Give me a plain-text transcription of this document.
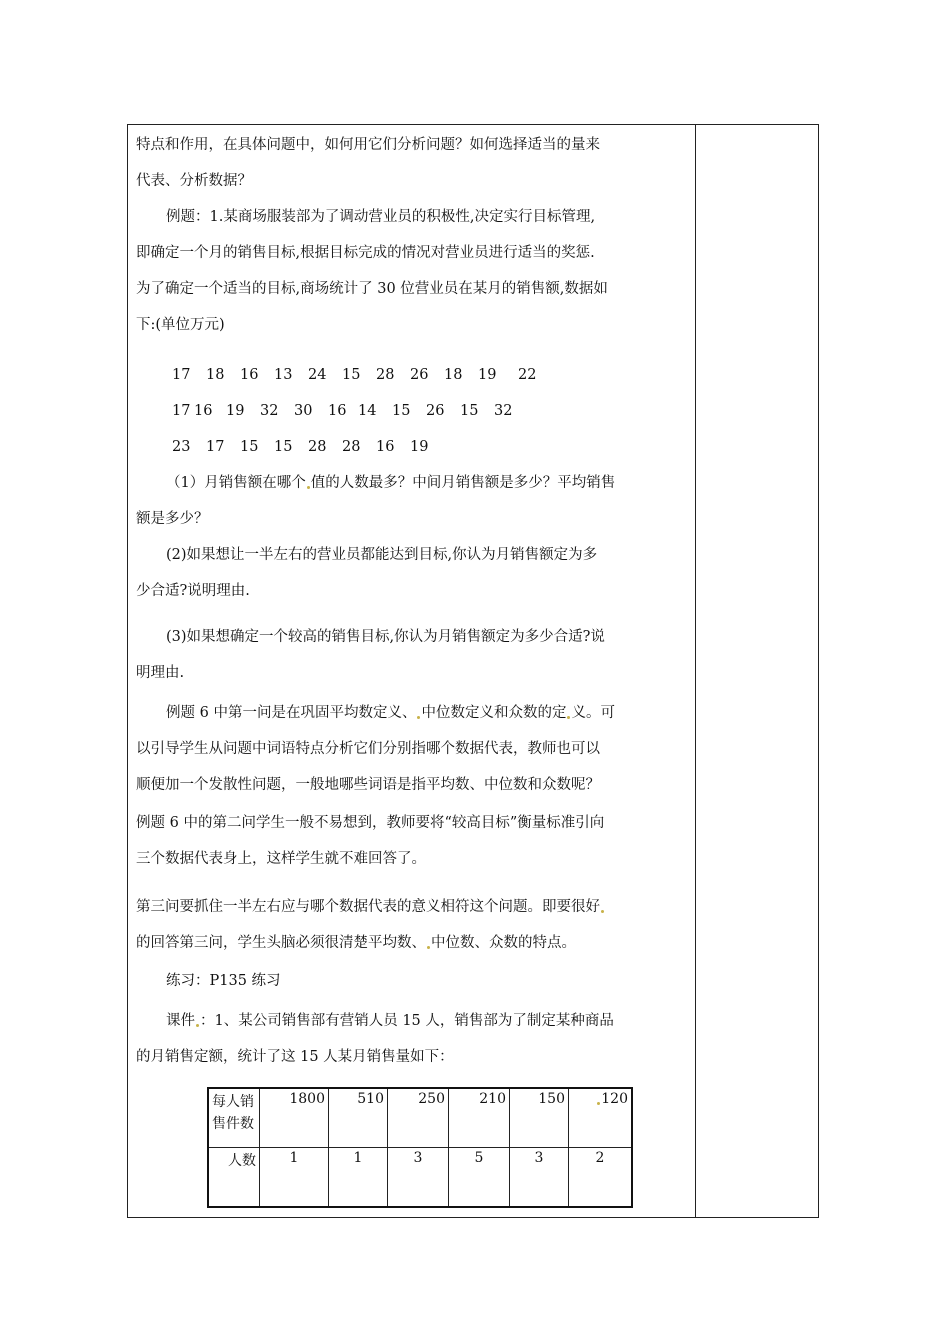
特点和作用，在具体问题中，如何用它们分析问题？如何选择适当的量来
代表、分析数据？
例题：1.某商场服装部为了调动营业员的积极性,决定实行目标管理,
即确定一个月的销售目标,根据目标完成的情况对营业员进行适当的奖惩.
为了确定一个适当的目标,商场统计了 30 位营业员在某月的销售额,数据如
下:(单位万元)
17 18 16 13 24 15 28 26 18 19 22
17 16 19 32 30 16 14 15 26 15 32
23 17 15 15 28 28 16 19
（1）月销售额在哪个 值的人数最多？中间月销售额是多少？平均销售
额是多少？
(2)如果想让一半左右的营业员都能达到目标,你认为月销售额定为多
少合适?说明理由.
(3)如果想确定一个较高的销售目标,你认为月销售额定为多少合适?说
明理由.
例题 6 中第一问是在巩固平均数定义、 中位数定义和众数的定 义。可
以引导学生从问题中词语特点分析它们分别指哪个数据代表，教师也可以
顺便加一个发散性问题，一般地哪些词语是指平均数、中位数和众数呢？
例题 6 中的第二问学生一般不易想到，教师要将“较高目标”衡量标准引向
三个数据代表身上，这样学生就不难回答了。
第三问要抓住一半左右应与哪个数据代表的意义相符这个问题。即要很好
的回答第三问，学生头脑必须很清楚平均数、 中位数、众数的特点。
练习：P135 练习
课件 ：1、某公司销售部有营销人员 15 人，销售部为了制定某种商品
的月销售定额，统计了这 15 人某月销售量如下：
每人销售件数	1800	510	250	210	150	120
人数	1	1	3	5	3	2
